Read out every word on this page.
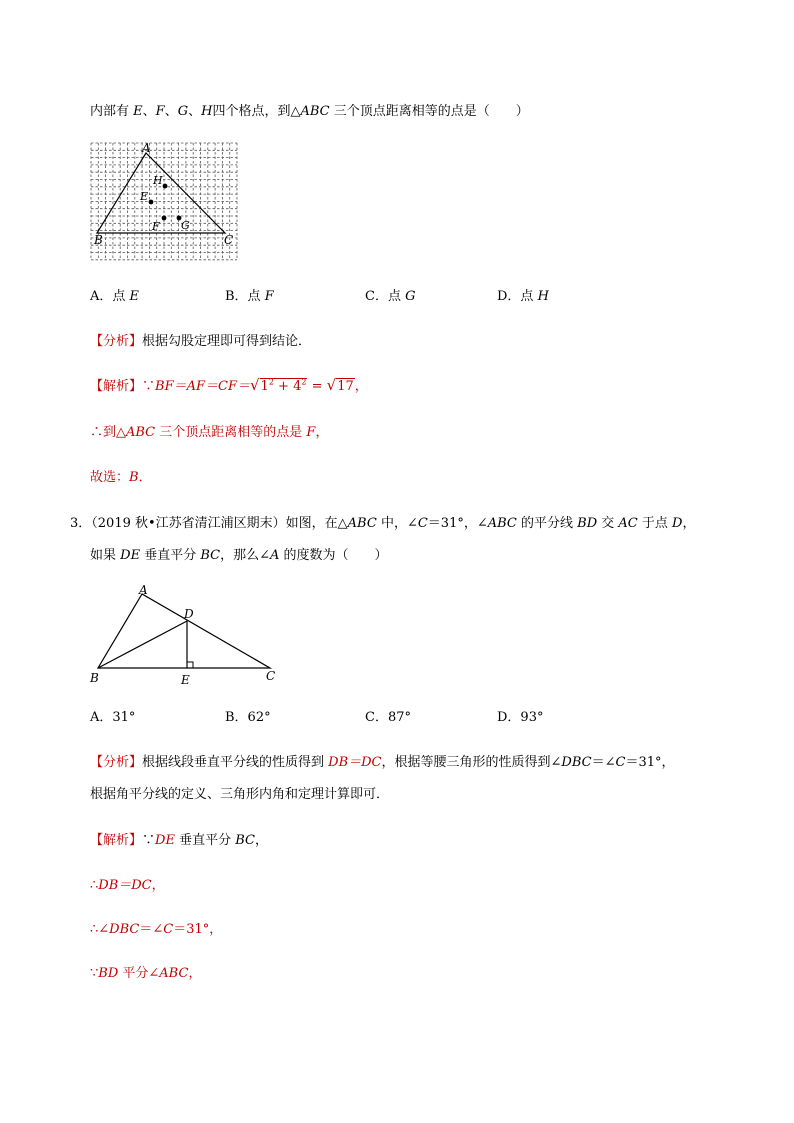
内部有 E、F、G、H四个格点，到△ABC 三个顶点距离相等的点是（　　）
A
B	C
E
F G
H
A．点 E	B．点 F	C．点 G	D．点 H
【分析】根据勾股定理即可得到结论．
【解析】$\because BF=AF=CF=√1^2 + 4^2 = √17$，
∴到△ABC 三个顶点距离相等的点是 F，
故选：B．
3．（2019 秋•江苏省清江浦区期末）如图，在△ABC 中，∠C＝31°，∠ABC 的平分线 BD 交 AC 于点 D，
如果 DE 垂直平分 BC，那么∠A 的度数为（　　）
A
B	C
D
E
A．31°	B．62°	C．87°	D．93°
【分析】根据线段垂直平分线的性质得到 DB＝DC，根据等腰三角形的性质得到∠DBC＝∠C＝31°，
根据角平分线的定义、三角形内角和定理计算即可．
【解析】∵DE 垂直平分 BC，
∴DB＝DC，
∴∠DBC＝∠C＝31°，
∵BD 平分∠ABC，
